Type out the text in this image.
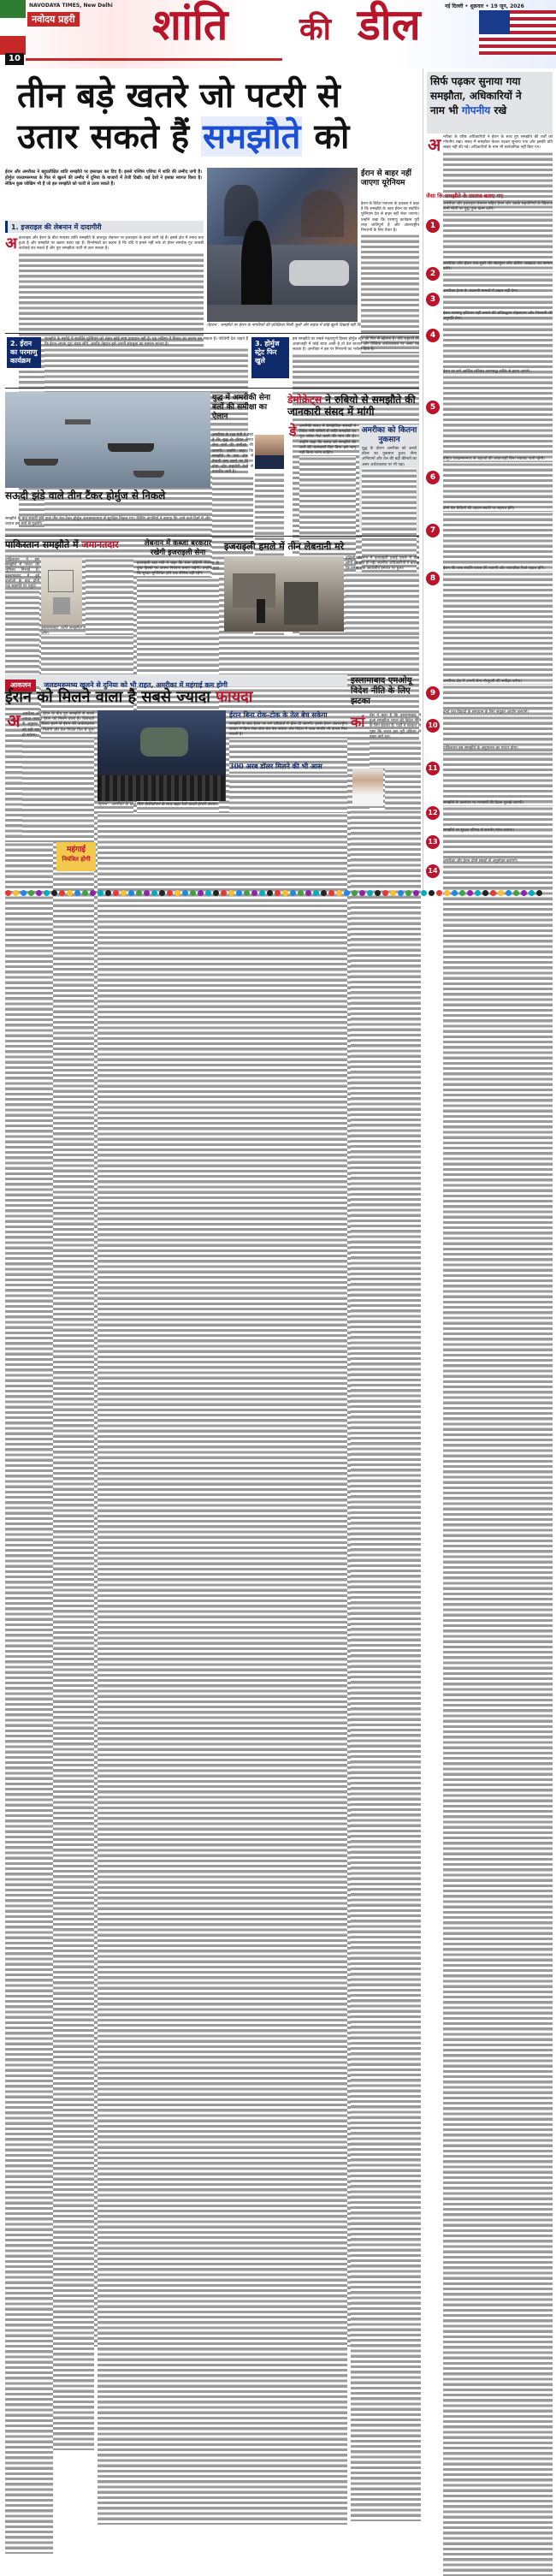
NAVODAYA TIMES, New Delhi
नवोदय प्रहरी शांति की डील	नई दिल्ली • शुक्रवार • 19 जून, 2026
10
तीन बड़े खतरे जो पटरी से
उतार सकते हैं समझौते को
ईरान और अमरीका ने बहुप्रतीक्षित शांति समझौते पर हस्ताक्षर कर दिए हैं। इससे पश्चिम एशिया में शांति की उम्मीद जगी है। होर्मुज जलडमरूमध्य के फिर से खुलने की उम्मीद में दुनिया के बाजारों में तेजी दिखी। कई देशों ने इसका स्वागत किया है। लेकिन कुछ जोखिम भी हैं जो इस समझौते को पटरी से उतार सकते हैं।
1. इजराइल की लेबनान में दादागीरी
अ इजराइल और ईरान के बीच मध्यस्थ शांति समझौते के बावजूद लेबनान पर इजराइल के हमले जारी रहे हैं। इससे क्षेत्र में तनाव बना हुआ है और समझौते पर खतरा मंडरा रहा है। विश्लेषकों का कहना है कि यदि ये हमले नहीं रुके तो ईरान समर्थक गुट जवाबी कार्रवाई कर सकते हैं और पूरा समझौता पटरी से उतर सकता है।
तेहरान : समझौते पर ईरान के नागरिकों की प्रतिक्रिया मिली जुली और सड़क में कोई खुशी दिखाई नहीं दिखी।
ईरान से बाहर नहीं जाएगा यूरेनियम
ईरान के विदेश मंत्रालय के प्रवक्ता ने कहा है कि समझौते के तहत ईरान का संवर्धित यूरेनियम देश से बाहर नहीं भेजा जाएगा। उन्होंने कहा कि परमाणु कार्यक्रम पूरी तरह शांतिपूर्ण है और अंतरराष्ट्रीय निगरानी के लिए तैयार है।
2. ईरान का परमाणु कार्यक्रम
समझौते के मसौदे में संवर्धित यूरेनियम को लेकर कोई स्पष्ट प्रावधान नहीं है। यह भविष्य में विवाद का कारण बन सकता है। पश्चिमी देश चाहते हैं कि ईरान अपना पूरा भंडार सौंपे, जबकि तेहरान इसे अपनी संप्रभुता का मामला मानता है।	3. होर्मुज स्ट्रेट फिर खुले
इस समझौते का सबसे महत्वपूर्ण हिस्सा होर्मुज स्ट्रेट को फिर से खोलना है। यदि जहाजों की आवाजाही में कोई बाधा आती है तो तेल बाजार और वैश्विक अर्थव्यवस्था पर असर पड़ सकता है। अमरीका ने इस पर निगरानी का भरोसा दिया है।
युद्ध में अमरीकी सेना बलों की समीक्षा का ऐलान
अमरीका के रक्षा मंत्री ने कहा है कि युद्ध के दौरान तैनात सेना बलों की समीक्षा की जाएगी। उन्होंने कहा कि समझौते के बाद क्षेत्र में तैनाती कम करने पर विचार होगा और सहयोगी देशों से बातचीत जारी है।
डेमोक्रेट्स ने रुबियो से समझौते की जानकारी संसद में मांगी
डे अमरीकी संसद में डेमोक्रेटिक सांसदों ने विदेश मंत्री रुबियो से शांति समझौते का पूरा ब्योरा पेश करने की मांग की है। उन्होंने कहा कि संसद को समझौते की शर्तों की जानकारी दिए बिना इसे लागू नहीं किया जाना चाहिए।
अमरीका को कितना नुकसान
युद्ध के दौरान अमरीका को अरबों डॉलर का नुकसान हुआ। सैन्य अभियानों और तेल की बढ़ी कीमतों का असर अर्थव्यवस्था पर भी पड़ा।
सऊदी झंडे वाले तीन टैंकर होर्मुज से निकले
समझौते के बाद सऊदी झंडे वाले तीन तेल टैंकर होर्मुज जलडमरूमध्य से सुरक्षित निकल गए। शिपिंग कंपनियों ने बताया कि आने वाले दिनों में और जहाज इस मार्ग से गुजरेंगे।
पाकिस्तान समझौते में जमानतदार
पाकिस्तान ने इस समझौते में गारंटर की भूमिका निभाई है। इस्लामाबाद में हुई वार्ताओं के बाद दोनों पक्ष सहमति पर पहुंचे।
इस्लामाबाद: शांति समझौता होने पर जश्न मनाते पाकिस्तान के लोग।
लेबनान में कब्जा बरकरार रखेगी इजराइली सेना
इजराइली रक्षा मंत्री ने कहा कि सेना दक्षिणी लेबनान के कुछ हिस्सों पर अपना नियंत्रण बनाए रखेगी। उन्होंने कहा कि सुरक्षा सुनिश्चित होने तक सैनिक वहीं रहेंगे।
इजराइली हमले में तीन लेबनानी मरे
दक्षिणी लेबनान में इजराइली हवाई हमले में तीन लोगों की मौत हो गई। स्थानीय अधिकारियों ने बताया कि हमला एक आवासीय इमारत पर हुआ।
आकलन जलडमरूमध्य खुलने से दुनिया को भी राहत, अमरीका में महंगाई कम होगी
ईरान को मिलने वाला है सबसे ज्यादा फायदा
अ अमरीका और ईरान के बीच हुए समझौते से सबसे ज्यादा फायदा ईरान को मिलने वाला है। विशेषज्ञों के अनुसार प्रतिबंध हटने से ईरान की अर्थव्यवस्था को बड़ी राहत मिलेगी और तेल निर्यात फिर से शुरू हो सकेगा।
महंगाई
नियंत्रित होगी
तेहरान : अमरीका के खत्ते किए हेलीकॉप्टर के साथ खड़ा रैली करती ईरानी जनता।
ईरान बिना रोक-टोक के तेल बेच सकेगा
समझौते के बाद ईरान पर लगे प्रतिबंधों में ढील दी जाएगी। इससे ईरान अंतरराष्ट्रीय बाजार में बिना रोक-टोक तेल बेच सकेगा और विदेश में जब्त संपत्ति भी वापस मिल सकती है।
300 अरब डॉलर मिलने की भी आस
इस्लामाबाद एमओयू विदेश नीति के लिए झटका
कां	ग्रेस ने कहा है कि इस्लामाबाद में हुआ समझौता भारत की विदेश नीति के लिए झटका है। पार्टी ने सरकार से पूछा कि भारत इस पूरी प्रक्रिया से बाहर क्यों रहा।
सिर्फ पढ़कर सुनाया गया
समझौता, अधिकारियों ने
नाम भी गोपनीय रखे
अ मरीका के वरिष्ठ अधिकारियों ने ईरान के साथ हुए समझौते की शर्तों को गोपनीय रखा। संसद में समझौता केवल पढ़कर सुनाया गया और इसकी प्रति साझा नहीं की गई। अधिकारियों के नाम भी सार्वजनिक नहीं किए गए।
जैसा कि समझौते के प्रस्ताव बताए गए
1
अमरीका और इजराइल लेबनान सहित ईरान और उसके सहयोगियों के खिलाफ सभी मोर्चों पर युद्ध तुरंत खत्म करेंगे।
2
अमरीका और ईरान एक-दूसरे की संप्रभुता और क्षेत्रीय अखंडता का सम्मान करेंगे।
3
अमरीका ईरान के अंदरूनी मामलों में दखल नहीं देगा।
4
ईरान परमाणु हथियार नहीं बनाने की प्रतिबद्धता दोहराएगा और निगरानी की अनुमति देगा।
5
ईरान पर लगे आर्थिक प्रतिबंध चरणबद्ध तरीके से हटाए जाएंगे।
6
होर्मुज जलडमरूमध्य से जहाजों की आवाजाही बिना रुकावट जारी रहेगी।
7
दोनों देश कैदियों की अदला-बदली पर सहमत होंगे।
8
ईरान की जब्त संपत्ति वापस की जाएगी और व्यापारिक रिश्ते बहाल होंगे।
9
अमरीका क्षेत्र में अपनी सैन्य मौजूदगी की समीक्षा करेगा।
10
दोनों पक्ष विवादों के समाधान के लिए संयुक्त आयोग बनाएंगे।
11
पाकिस्तान इस समझौते के अनुपालन का गारंटर होगा।
12
समझौते के उल्लंघन पर मध्यस्थों की बैठक बुलाई जाएगी।
13
समझौते पर सुरक्षा परिषद से समर्थन मांगा जाएगा।
14
अमरीका और ईरान दोनों संसदों से अनुमोदन कराएंगे।
